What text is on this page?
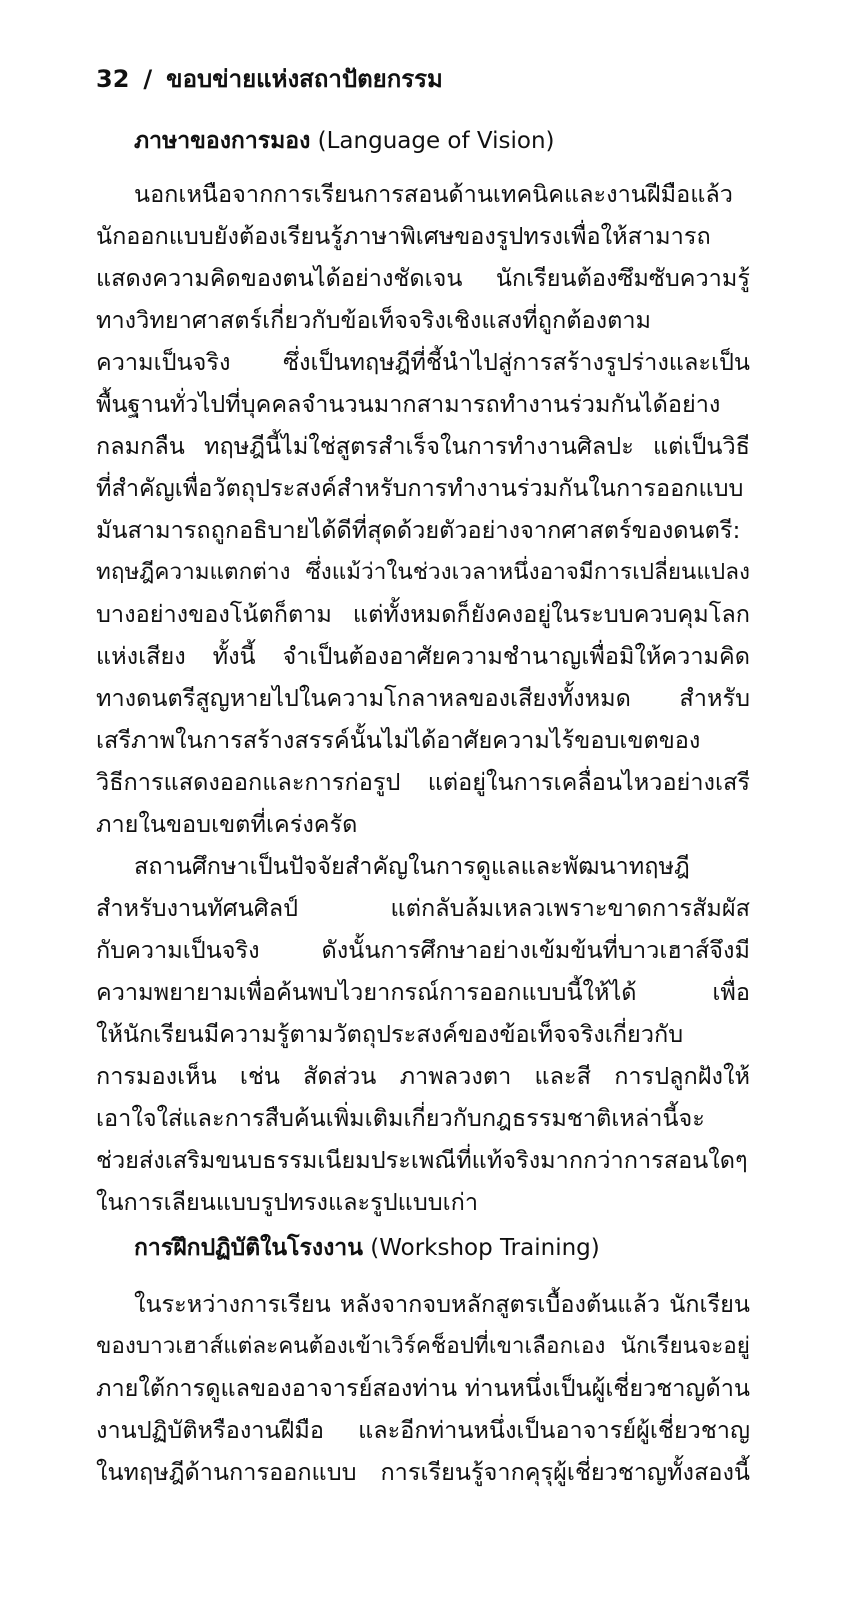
32 / ขอบข่ายแห่งสถาปัตยกรรม
ภาษาของการมอง (Language of Vision)
นอกเหนือจากการเรียนการสอนด้านเทคนิคและงานฝีมือแล้ว
นักออกแบบยังต้องเรียนรู้ภาษาพิเศษของรูปทรงเพื่อให้สามารถ
แสดงความคิดของตนได้อย่างชัดเจน นักเรียนต้องซึมซับความรู้
ทางวิทยาศาสตร์เกี่ยวกับข้อเท็จจริงเชิงแสงที่ถูกต้องตาม
ความเป็นจริง ซึ่งเป็นทฤษฎีที่ชี้นำไปสู่การสร้างรูปร่างและเป็น
พื้นฐานทั่วไปที่บุคคลจำนวนมากสามารถทำงานร่วมกันได้อย่าง
กลมกลืน ทฤษฎีนี้ไม่ใช่สูตรสำเร็จในการทำงานศิลปะ แต่เป็นวิธี
ที่สำคัญเพื่อวัตถุประสงค์สำหรับการทำงานร่วมกันในการออกแบบ
มันสามารถถูกอธิบายได้ดีที่สุดด้วยตัวอย่างจากศาสตร์ของดนตรี:
ทฤษฎีความแตกต่าง ซึ่งแม้ว่าในช่วงเวลาหนึ่งอาจมีการเปลี่ยนแปลง
บางอย่างของโน้ตก็ตาม แต่ทั้งหมดก็ยังคงอยู่ในระบบควบคุมโลก
แห่งเสียง ทั้งนี้ จำเป็นต้องอาศัยความชำนาญเพื่อมิให้ความคิด
ทางดนตรีสูญหายไปในความโกลาหลของเสียงทั้งหมด สำหรับ
เสรีภาพในการสร้างสรรค์นั้นไม่ได้อาศัยความไร้ขอบเขตของ
วิธีการแสดงออกและการก่อรูป แต่อยู่ในการเคลื่อนไหวอย่างเสรี
ภายในขอบเขตที่เคร่งครัด
สถานศึกษาเป็นปัจจัยสำคัญในการดูแลและพัฒนาทฤษฎี
สำหรับงานทัศนศิลป์ แต่กลับล้มเหลวเพราะขาดการสัมผัส
กับความเป็นจริง ดังนั้นการศึกษาอย่างเข้มข้นที่บาวเฮาส์จึงมี
ความพยายามเพื่อค้นพบไวยากรณ์การออกแบบนี้ให้ได้ เพื่อ
ให้นักเรียนมีความรู้ตามวัตถุประสงค์ของข้อเท็จจริงเกี่ยวกับ
การมองเห็น เช่น สัดส่วน ภาพลวงตา และสี การปลูกฝังให้
เอาใจใส่และการสืบค้นเพิ่มเติมเกี่ยวกับกฎธรรมชาติเหล่านี้จะ
ช่วยส่งเสริมขนบธรรมเนียมประเพณีที่แท้จริงมากกว่าการสอนใดๆ
ในการเลียนแบบรูปทรงและรูปแบบเก่า
การฝึกปฏิบัติในโรงงาน (Workshop Training)
ในระหว่างการเรียน หลังจากจบหลักสูตรเบื้องต้นแล้ว นักเรียน
ของบาวเฮาส์แต่ละคนต้องเข้าเวิร์คช็อปที่เขาเลือกเอง นักเรียนจะอยู่
ภายใต้การดูแลของอาจารย์สองท่าน ท่านหนึ่งเป็นผู้เชี่ยวชาญด้าน
งานปฏิบัติหรืองานฝีมือ และอีกท่านหนึ่งเป็นอาจารย์ผู้เชี่ยวชาญ
ในทฤษฎีด้านการออกแบบ การเรียนรู้จากคุรุผู้เชี่ยวชาญทั้งสองนี้
